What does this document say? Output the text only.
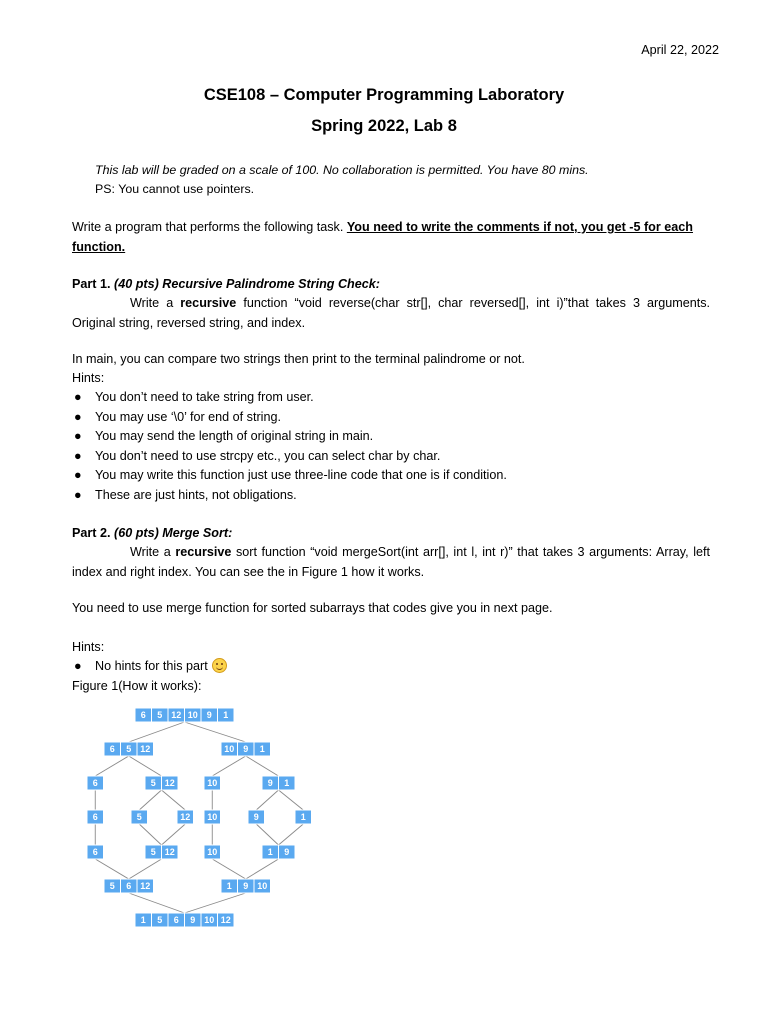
April 22, 2022
CSE108 – Computer Programming Laboratory
Spring 2022, Lab 8
This lab will be graded on a scale of 100. No collaboration is permitted. You have 80 mins.
PS: You cannot use pointers.
Write a program that performs the following task. You need to write the comments if not, you get -5 for each function.
Part 1. (40 pts) Recursive Palindrome String Check:
Write a recursive function “void reverse(char str[], char reversed[], int i)”that takes 3 arguments. Original string, reversed string, and index.
In main, you can compare two strings then print to the terminal palindrome or not.
Hints:
● You don’t need to take string from user.
● You may use ‘\0’ for end of string.
● You may send the length of original string in main.
● You don’t need to use strcpy etc., you can select char by char.
● You may write this function just use three-line code that one is if condition.
● These are just hints, not obligations.
Part 2. (60 pts) Merge Sort:
Write a recursive sort function “void mergeSort(int arr[], int l, int r)” that takes 3 arguments: Array, left index and right index. You can see the in Figure 1 how it works.
You need to use merge function for sorted subarrays that codes give you in next page.
Hints:
● No hints for this part
Figure 1(How it works):
6 5 12 10 9 1
6 5 12	10 9 1
6	5 12	10	9 1
6	5	12 10	9	1
6	5 12	10	1 9
5 6 12	1 9 10
1 5 6 9 10 12
